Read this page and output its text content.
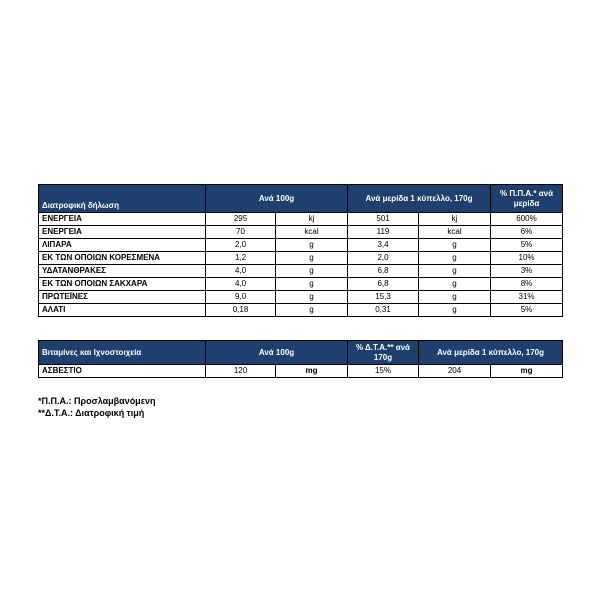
Διατροφική δήλωση	Ανά 100g		Ανά μερίδα 1 κύπελλο, 170g		% Π.Π.Α.* ανά μερίδα
ΕΝΕΡΓΕΙΑ	295	kj	501	kj	600%
ΕΝΕΡΓΕΙΑ	70	kcal	119	kcal	6%
ΛΙΠΑΡΑ	2,0	g	3,4	g	5%
ΕΚ ΤΩΝ ΟΠΟΙΩΝ ΚΟΡΕΣΜΕΝΑ	1,2	g	2,0	g	10%
ΥΔΑΤΑΝΘΡΑΚΕΣ	4,0	g	6,8	g	3%
ΕΚ ΤΩΝ ΟΠΟΙΩΝ ΣΑΚΧΑΡΑ	4,0	g	6,8	g	8%
ΠΡΩΤΕΪΝΕΣ	9,0	g	15,3	g	31%
ΑΛΑΤΙ	0,18	g	0,31	g	5%
Βιταμίνες και Ιχνοστοιχεία	Ανά 100g		% Δ.Τ.Α.** ανά 170g	Ανά μερίδα 1 κύπελλο, 170g	
ΑΣΒΕΣΤΙΟ	120	mg	15%	204	mg
*Π.Π.Α.: Προσλαμβανόμενη
**Δ.Τ.Α.: Διατροφική τιμή
